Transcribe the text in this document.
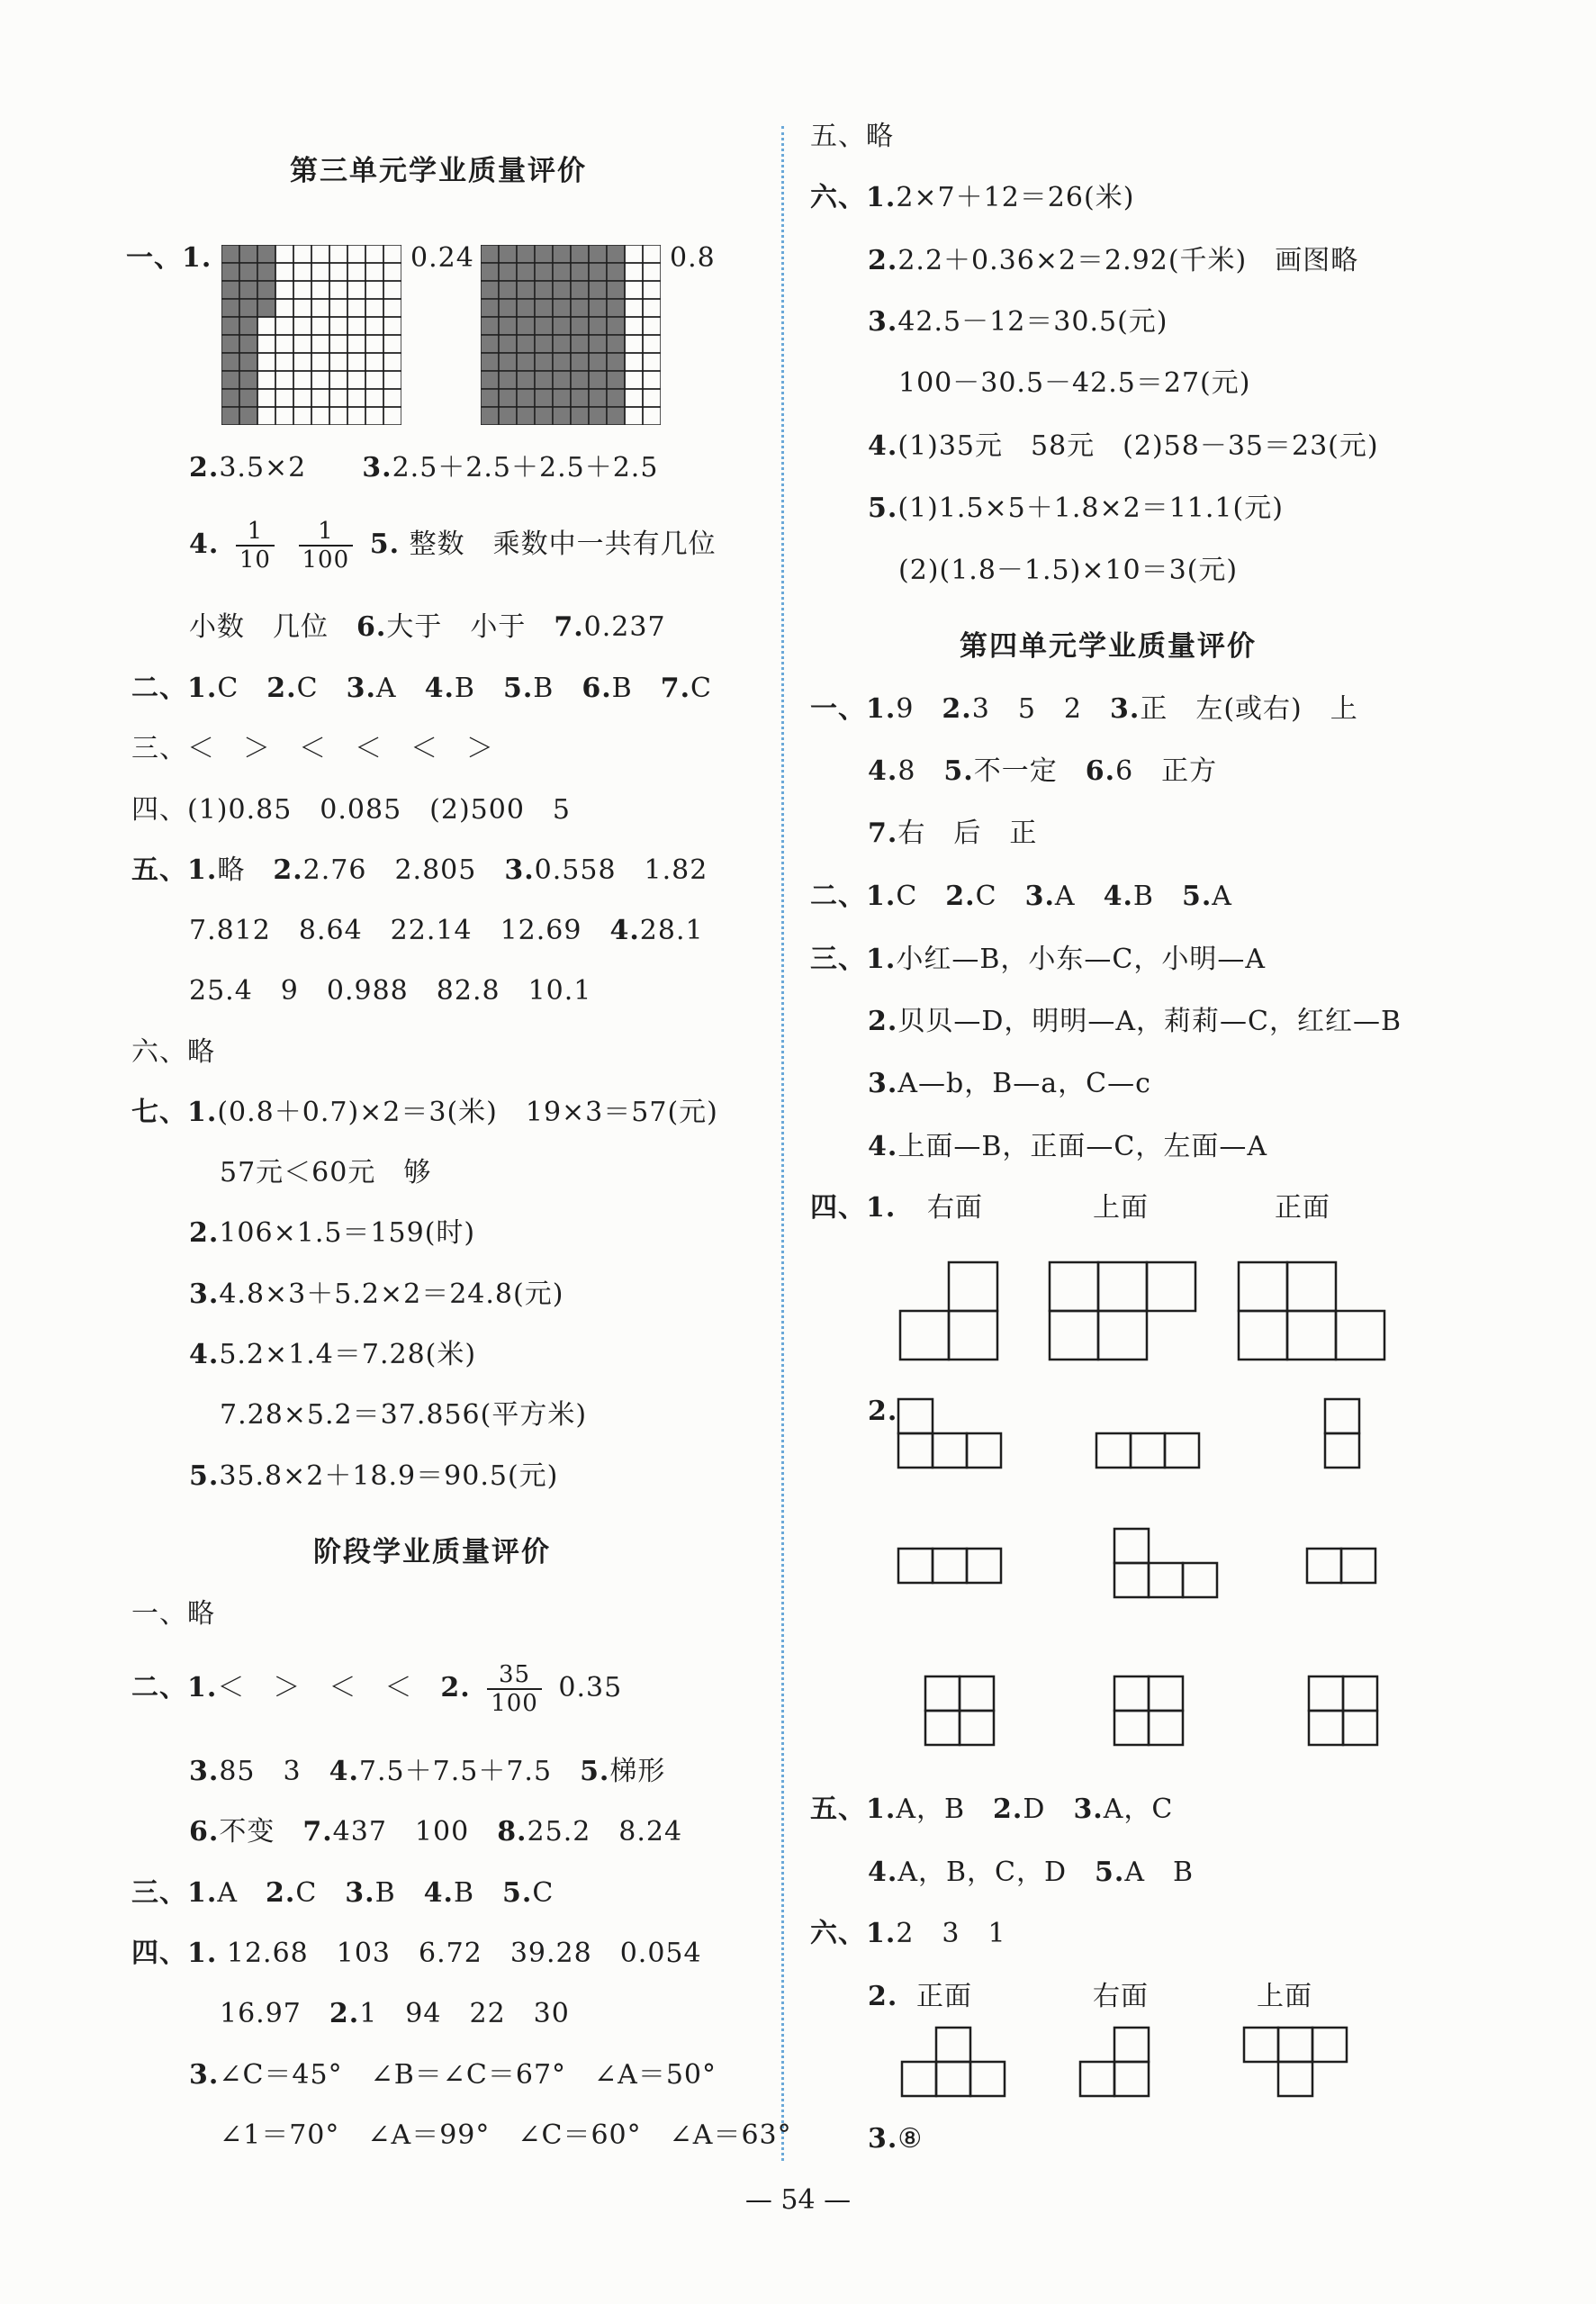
第三单元学业质量评价
一、1.	0.24	0.8
2.3.5×2　　 3.2.5＋2.5＋2.5＋2.5
4. $\frac{1}{10}$
$\frac{1}{100} 5$. 整数　乘数中一共有几位
小数　几位　 6.大于　小于　 7.0.237
二、1.C　 2.C　 3.A　 4.B　 5.B　 6.B　 7.C
三、＜　＞　＜　＜　＜　＞
四、(1)0.85　0.085　(2)500　5
五、1.略　 2.2.76　2.805　 3.0.558　1.82
7.812　8.64　22.14　12.69　 4.28.1
25.4　9　0.988　82.8　10.1
六、略
七、1.(0.8＋0.7)×2＝3(米)　19×3＝57(元)
57元＜60元　够
2.106×1.5＝159(时)
3.4.8×3＋5.2×2＝24.8(元)
4.5.2×1.4＝7.28(米)
7.28×5.2＝37.856(平方米)
5.35.8×2＋18.9＝90.5(元)
阶段学业质量评价
一、略
二、1.＜　＞　＜　＜　 2. $\frac{35}{100} 0.35$
3.85　3　 4.7.5＋7.5＋7.5　 5.梯形
6.不变　 7.437　100　 8.25.2　8.24
三、1.A　 2.C　 3.B　 4.B　 5.C
四、1. 12.68　103　6.72　39.28　0.054
16.97　 2.1　94　22　30
3.∠C＝45°　∠B＝∠C＝67°　∠A＝50°
∠1＝70°　∠A＝99°　∠C＝60°　∠A＝63°
五、略
六、1.2×7＋12＝26(米)
2.2.2＋0.36×2＝2.92(千米)　画图略
3.42.5－12＝30.5(元)
100－30.5－42.5＝27(元)
4.(1)35元　58元　(2)58－35＝23(元)
5.(1)1.5×5＋1.8×2＝11.1(元)
(2)(1.8－1.5)×10＝3(元)
第四单元学业质量评价
一、1.9　 2.3　5　2　 3.正　左(或右)　上
4.8　 5.不一定　 6.6　正方
7.右　后　正
二、1.C　 2.C　 3.A　 4.B　 5.A
三、1.小红—B，小东—C，小明—A
2.贝贝—D，明明—A，莉莉—C，红红—B
3.A—b，B—a，C—c
4.上面—B，正面—C，左面—A
四、1. 右面	上面	正面
2.
五、1.A，B　 2.D　 3.A，C
4.A，B，C，D　 5.A　B
六、1.2　3　1
2. 正面	右面	上面
3.⑧
— 54 —
